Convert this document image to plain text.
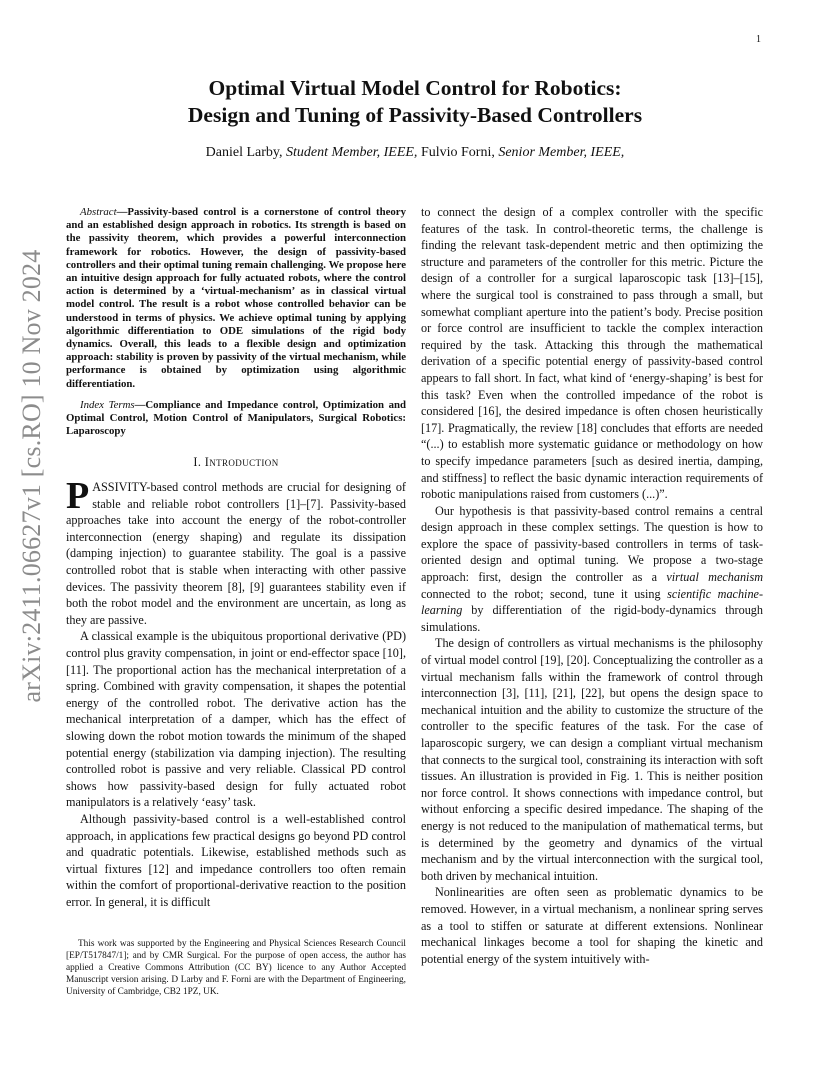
1
arXiv:2411.06627v1 [cs.RO] 10 Nov 2024
Optimal Virtual Model Control for Robotics:
Design and Tuning of Passivity-Based Controllers
Daniel Larby, Student Member, IEEE, Fulvio Forni, Senior Member, IEEE,

Abstract—Passivity-based control is a cornerstone of control theory and an established design approach in robotics. Its strength is based on the passivity theorem, which provides a powerful interconnection framework for robotics. However, the design of passivity-based controllers and their optimal tuning remain challenging. We propose here an intuitive design approach for fully actuated robots, where the control action is determined by a ‘virtual-mechanism’ as in classical virtual model control. The result is a robot whose controlled behavior can be understood in terms of physics. We achieve optimal tuning by applying algorithmic differentiation to ODE simulations of the rigid body dynamics. Overall, this leads to a flexible design and optimization approach: stability is proven by passivity of the virtual mechanism, while performance is obtained by optimization using algorithmic differentiation.

Index Terms—Compliance and Impedance control, Optimization and Optimal Control, Motion Control of Manipulators, Surgical Robotics: Laparoscopy

I. Introduction

PASSIVITY-based control methods are crucial for designing of stable and reliable robot controllers [1]–[7]. Passivity-based approaches take into account the energy of the robot-controller interconnection (energy shaping) and regulate its dissipation (damping injection) to guarantee stability. The goal is a passive controlled robot that is stable when interacting with other passive devices. The passivity theorem [8], [9] guarantees stability even if both the robot model and the environment are uncertain, as long as they are passive.

A classical example is the ubiquitous proportional derivative (PD) control plus gravity compensation, in joint or end-effector space [10], [11]. The proportional action has the mechanical interpretation of a spring. Combined with gravity compensation, it shapes the potential energy of the controlled robot. The derivative action has the mechanical interpretation of a damper, which has the effect of slowing down the robot motion towards the minimum of the shaped potential energy (stabilization via damping injection). The resulting controlled robot is passive and very reliable. Classical PD control shows how passivity-based design for fully actuated robot manipulators is a relatively ‘easy’ task.

Although passivity-based control is a well-established control approach, in applications few practical designs go beyond PD control and quadratic potentials. Likewise, established methods such as virtual fixtures [12] and impedance controllers too often remain within the comfort of proportional-derivative reaction to the position error. In general, it is difficult

This work was supported by the Engineering and Physical Sciences Research Council [EP/T517847/1]; and by CMR Surgical. For the purpose of open access, the author has applied a Creative Commons Attribution (CC BY) licence to any Author Accepted Manuscript version arising. D Larby and F. Forni are with the Department of Engineering, University of Cambridge, CB2 1PZ, UK.

to connect the design of a complex controller with the specific features of the task. In control-theoretic terms, the challenge is finding the relevant task-dependent metric and then optimizing the structure and parameters of the controller for this metric. Picture the design of a controller for a surgical laparoscopic task [13]–[15], where the surgical tool is constrained to pass through a small, but somewhat compliant aperture into the patient’s body. Precise position or force control are insufficient to tackle the complex interaction required by the task. Attacking this through the mathematical derivation of a specific potential energy of passivity-based control appears to fall short. In fact, what kind of ‘energy-shaping’ is best for this task? Even when the controlled impedance of the robot is considered [16], the desired impedance is often chosen heuristically [17]. Pragmatically, the review [18] concludes that efforts are needed “(...) to establish more systematic guidance or methodology on how to specify impedance parameters [such as desired inertia, damping, and stiffness] to reflect the basic dynamic interaction requirements of robotic manipulations raised from customers (...)”.

Our hypothesis is that passivity-based control remains a central design approach in these complex settings. The question is how to explore the space of passivity-based controllers in terms of task-oriented design and optimal tuning. We propose a two-stage approach: first, design the controller as a virtual mechanism connected to the robot; second, tune it using scientific machine-learning by differentiation of the rigid-body-dynamics through simulations.

The design of controllers as virtual mechanisms is the philosophy of virtual model control [19], [20]. Conceptualizing the controller as a virtual mechanism falls within the framework of control through interconnection [3], [11], [21], [22], but opens the design space to mechanical intuition and the ability to customize the structure of the controller to the specific features of the task. For the case of laparoscopic surgery, we can design a compliant virtual mechanism that connects to the surgical tool, constraining its interaction with soft tissues. An illustration is provided in Fig. 1. This is neither position nor force control. It shows connections with impedance control, but without enforcing a specific desired impedance. The shaping of the energy is not reduced to the manipulation of mathematical terms, but is determined by the geometry and dynamics of the virtual mechanism and by the virtual interconnection with the surgical tool, both driven by mechanical intuition.

Nonlinearities are often seen as problematic dynamics to be removed. However, in a virtual mechanism, a nonlinear spring serves as a tool to stiffen or saturate at different extensions. Nonlinear mechanical linkages become a tool for shaping the kinetic and potential energy of the system intuitively with-
